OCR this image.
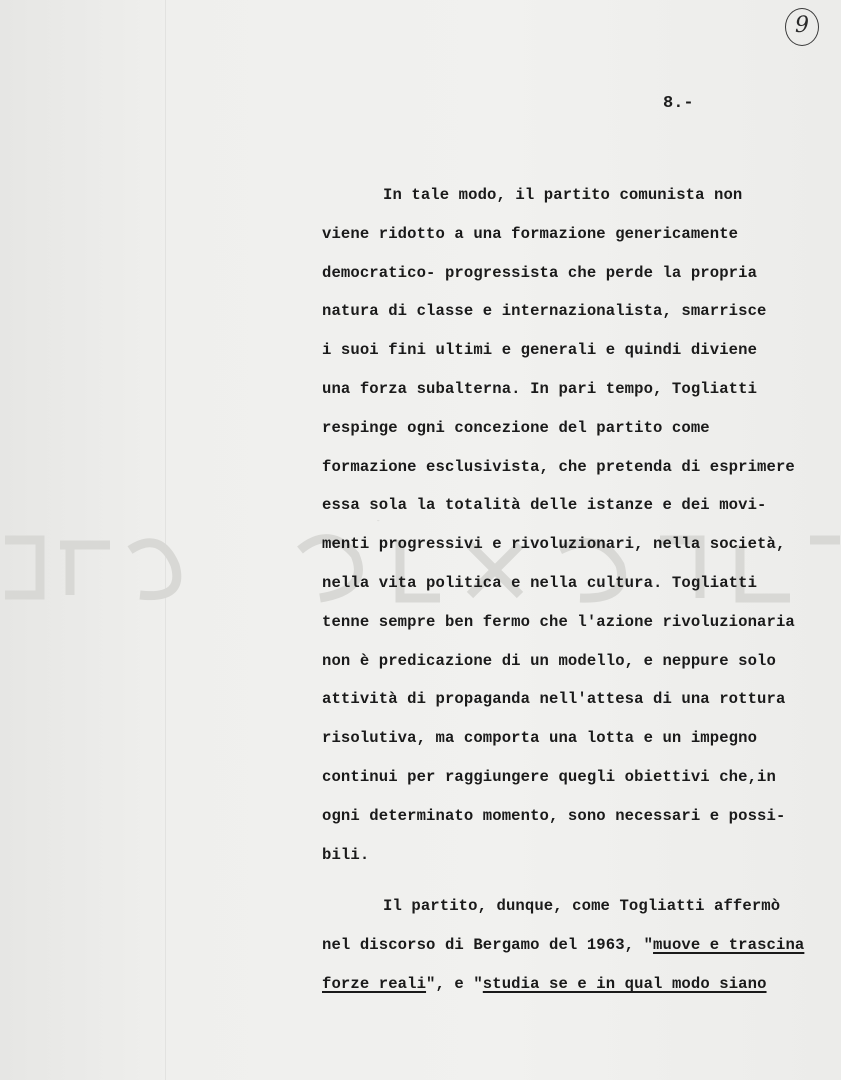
9
8.-
In tale modo, il partito comunista non
viene ridotto a una formazione genericamente
democratico- progressista che perde la propria
natura di classe e internazionalista, smarrisce
i suoi fini ultimi e generali e quindi diviene
una forza subalterna. In pari tempo, Togliatti
respinge ogni concezione del partito come
formazione esclusivista, che pretenda di esprimere
essa sola la totalità delle istanze e dei movi-
menti progressivi e rivoluzionari, nella società,
nella vita politica e nella cultura. Togliatti
tenne sempre ben fermo che l'azione rivoluzionaria
non è predicazione di un modello, e neppure solo
attività di propaganda nell'attesa di una rottura
risolutiva, ma comporta una lotta e un impegno
continui per raggiungere quegli obiettivi che,in
ogni determinato momento, sono necessari e possi-
bili.
Il partito, dunque, come Togliatti affermò
nel discorso di Bergamo del 1963, "muove e trascina
forze reali", e "studia se e in qual modo siano
